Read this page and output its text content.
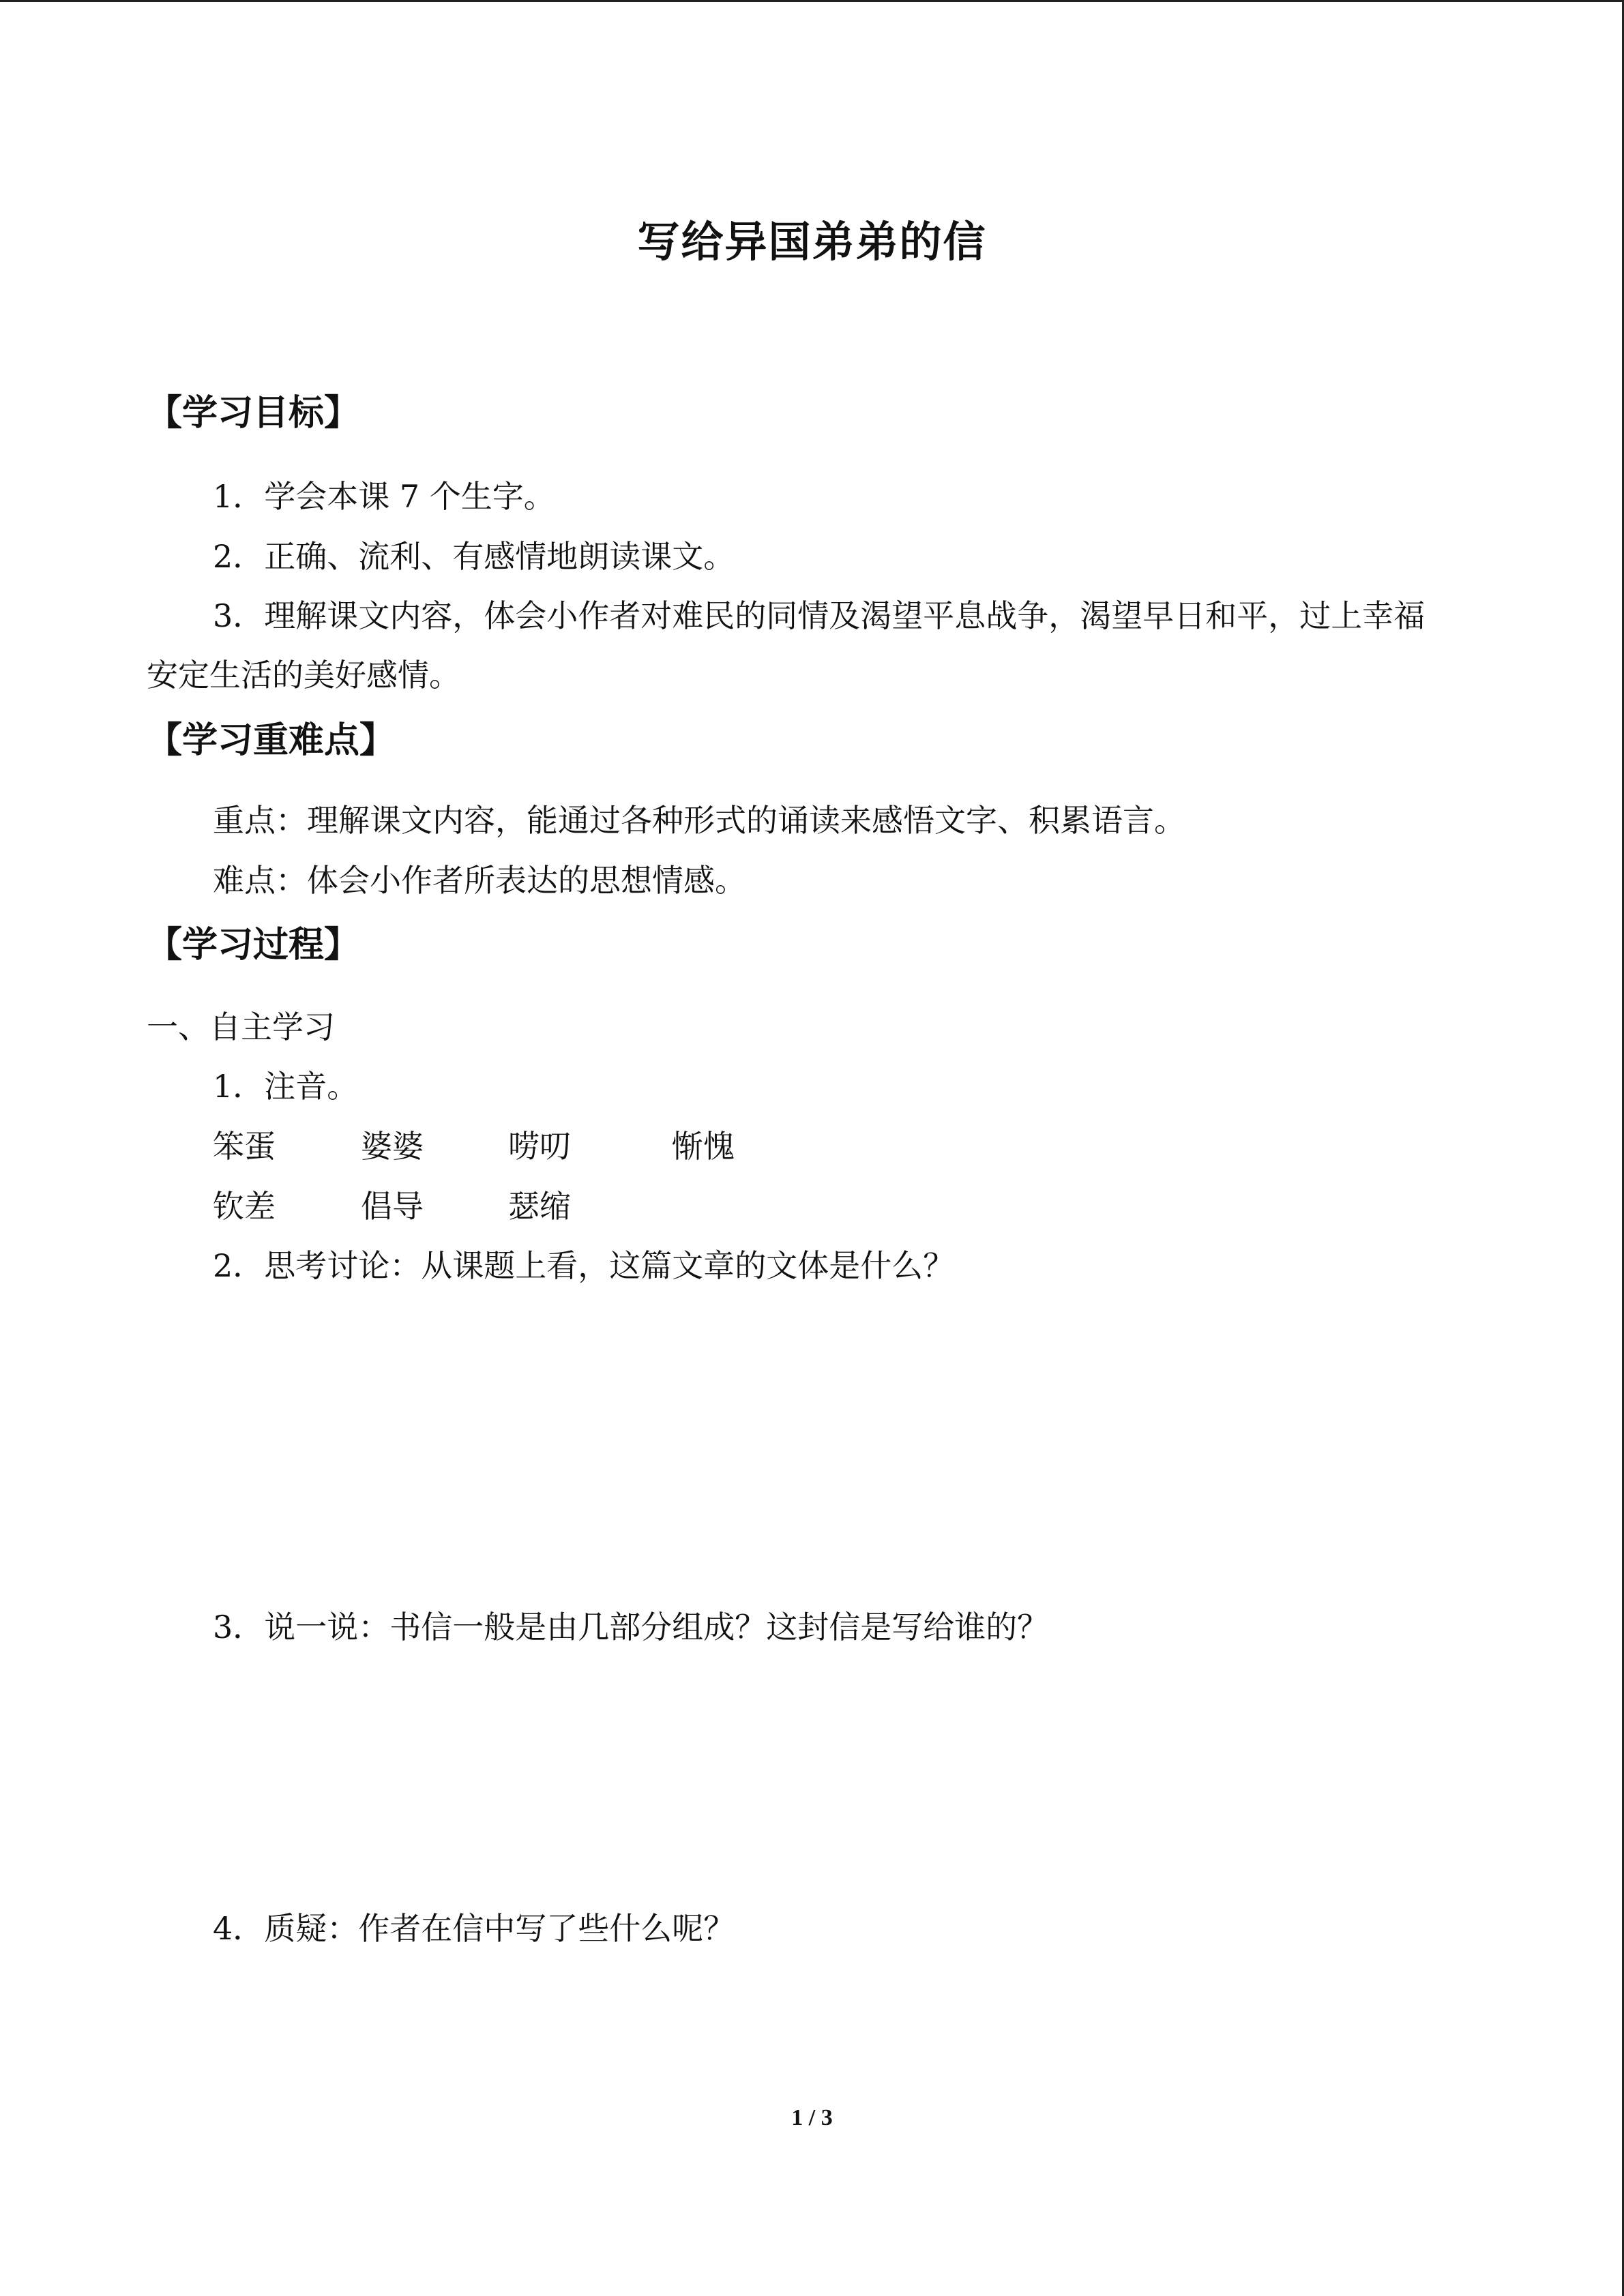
写给异国弟弟的信
【学习目标】
1．学会本课 7 个生字。
2．正确、流利、有感情地朗读课文。
3．理解课文内容，体会小作者对难民的同情及渴望平息战争，渴望早日和平，过上幸福
安定生活的美好感情。
【学习重难点】
重点：理解课文内容，能通过各种形式的诵读来感悟文字、积累语言。
难点：体会小作者所表达的思想情感。
【学习过程】
一、自主学习
1．注音。
笨蛋	婆婆	唠叨	惭愧
钦差	倡导	瑟缩
2．思考讨论：从课题上看，这篇文章的文体是什么？
3．说一说：书信一般是由几部分组成？这封信是写给谁的？
4．质疑：作者在信中写了些什么呢？
1 / 3
